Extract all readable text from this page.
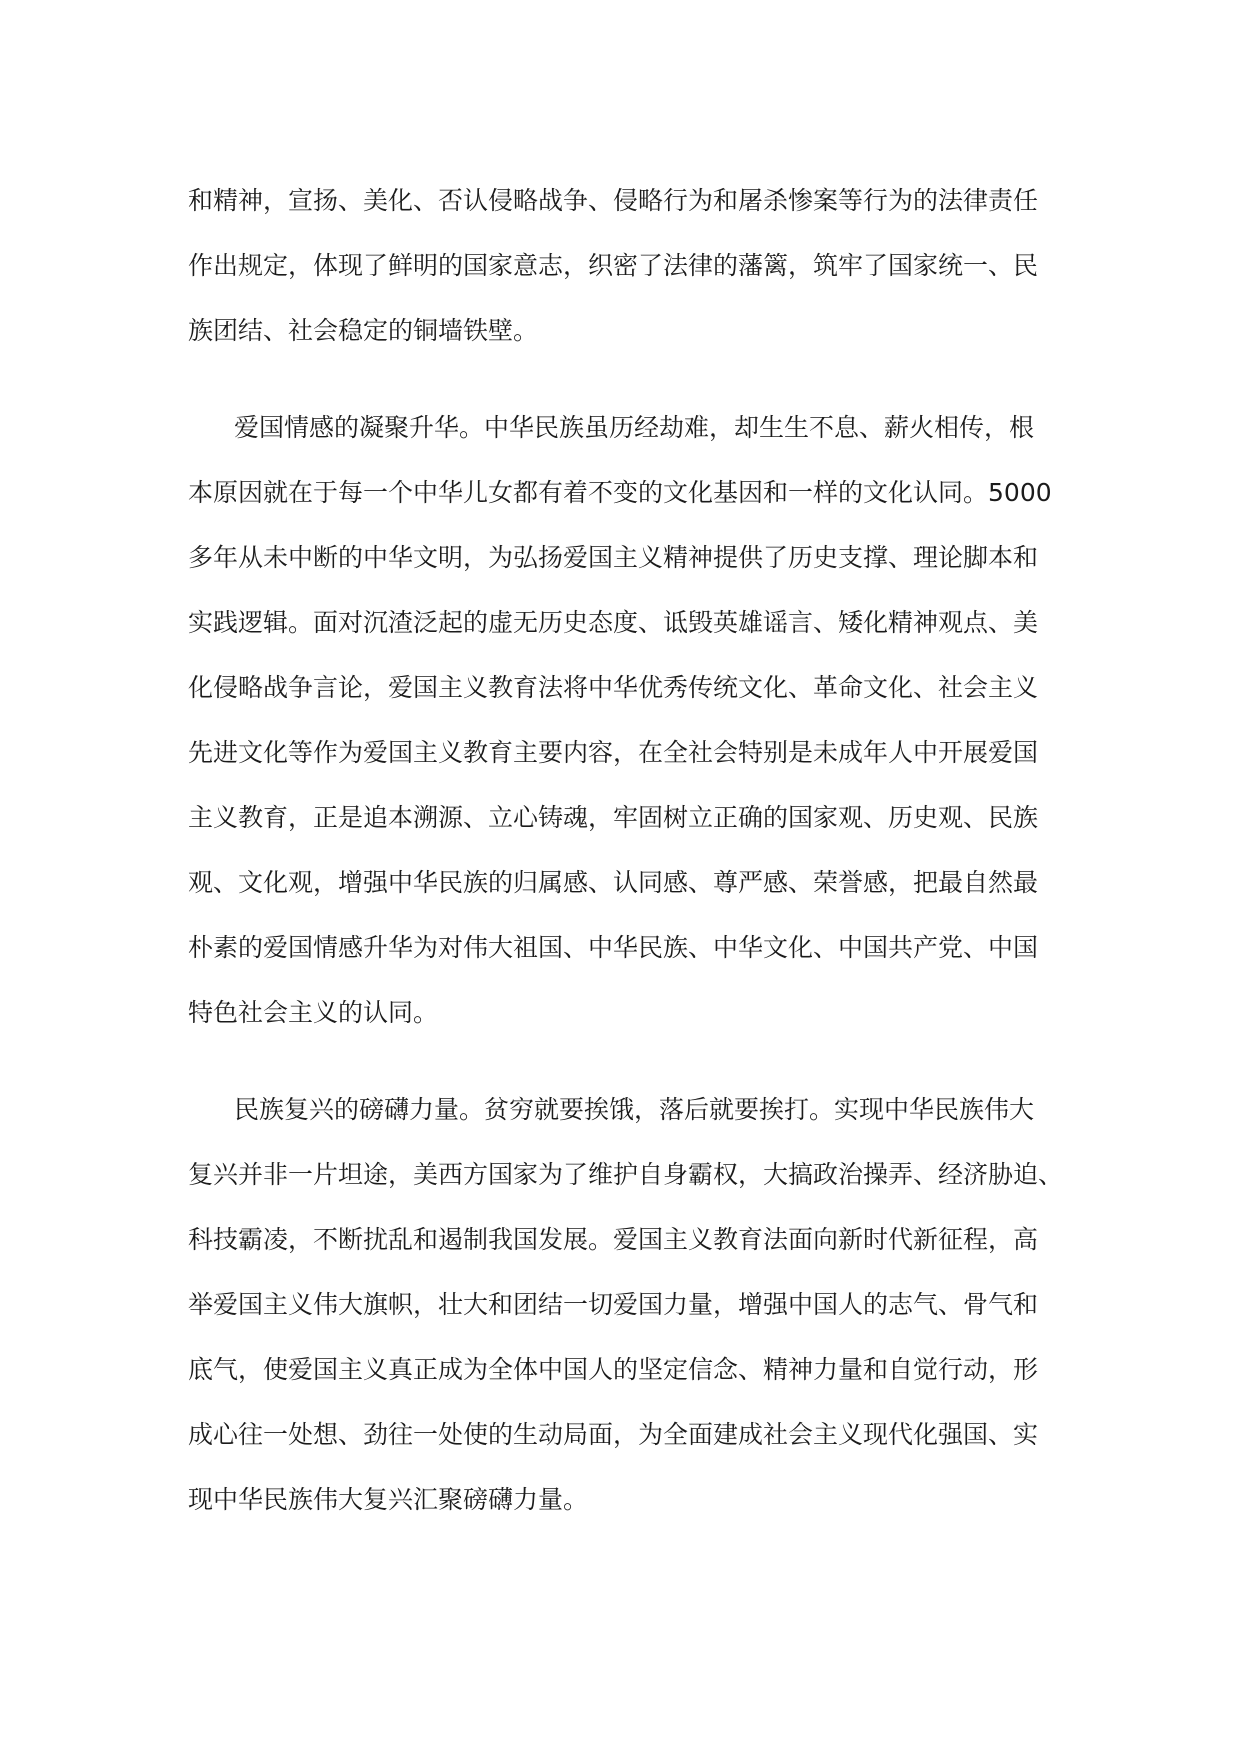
和精神，宣扬、美化、否认侵略战争、侵略行为和屠杀惨案等行为的法律责任
作出规定，体现了鲜明的国家意志，织密了法律的藩篱，筑牢了国家统一、民
族团结、社会稳定的铜墙铁壁。
爱国情感的凝聚升华。中华民族虽历经劫难，却生生不息、薪火相传，根
本原因就在于每一个中华儿女都有着不变的文化基因和一样的文化认同。5000
多年从未中断的中华文明，为弘扬爱国主义精神提供了历史支撑、理论脚本和
实践逻辑。面对沉渣泛起的虚无历史态度、诋毁英雄谣言、矮化精神观点、美
化侵略战争言论，爱国主义教育法将中华优秀传统文化、革命文化、社会主义
先进文化等作为爱国主义教育主要内容，在全社会特别是未成年人中开展爱国
主义教育，正是追本溯源、立心铸魂，牢固树立正确的国家观、历史观、民族
观、文化观，增强中华民族的归属感、认同感、尊严感、荣誉感，把最自然最
朴素的爱国情感升华为对伟大祖国、中华民族、中华文化、中国共产党、中国
特色社会主义的认同。
民族复兴的磅礴力量。贫穷就要挨饿，落后就要挨打。实现中华民族伟大
复兴并非一片坦途，美西方国家为了维护自身霸权，大搞政治操弄、经济胁迫、
科技霸凌，不断扰乱和遏制我国发展。爱国主义教育法面向新时代新征程，高
举爱国主义伟大旗帜，壮大和团结一切爱国力量，增强中国人的志气、骨气和
底气，使爱国主义真正成为全体中国人的坚定信念、精神力量和自觉行动，形
成心往一处想、劲往一处使的生动局面，为全面建成社会主义现代化强国、实
现中华民族伟大复兴汇聚磅礴力量。
